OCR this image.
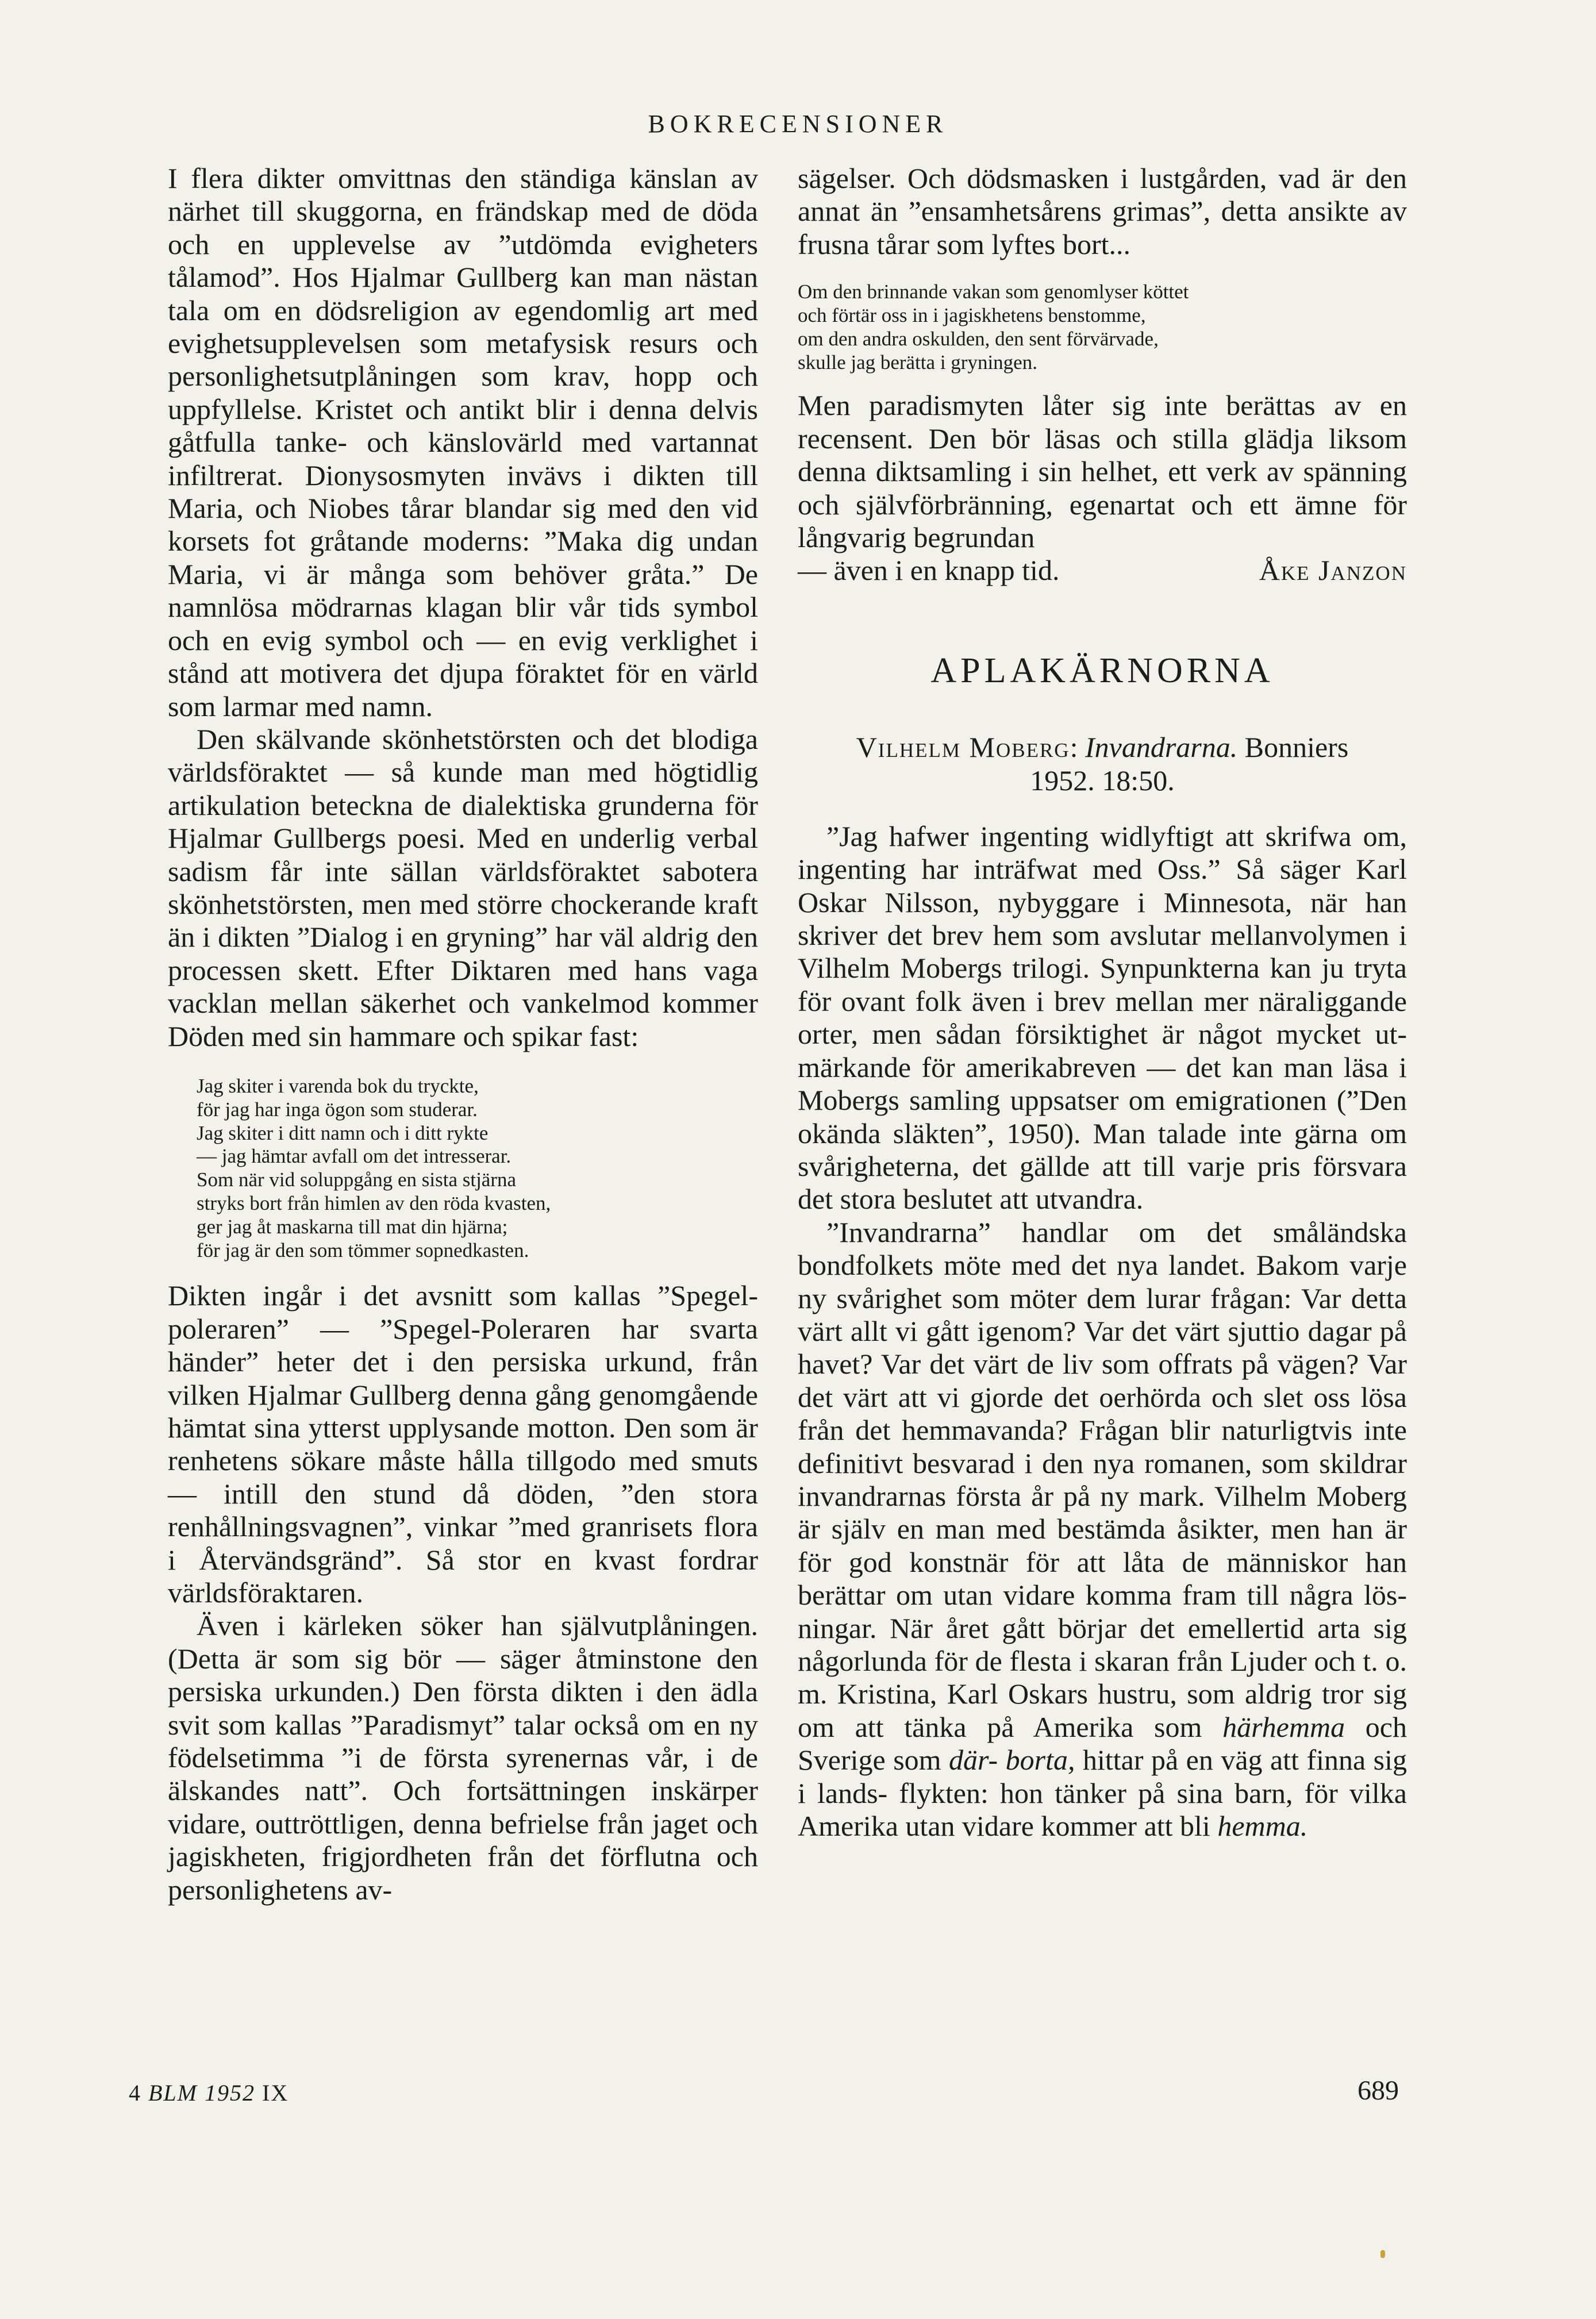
BOKRECENSIONER

I flera dikter omvittnas den ständiga känslan av närhet till skuggorna, en frändskap med de döda och en upplevelse av ”utdömda evigheters tålamod”. Hos Hjalmar Gullberg kan man nästan tala om en dödsreligion av egendomlig art med evighetsupplevelsen som metafysisk resurs och personlighetsutplåningen som krav, hopp och uppfyllelse. Kristet och antikt blir i denna delvis gåtfulla tanke- och känslovärld med vartannat infiltrerat. Dionysosmyten invävs i dikten till Maria, och Niobes tårar blandar sig med den vid korsets fot gråtande moderns: ”Maka dig undan Maria, vi är många som behöver gråta.” De namnlösa mödrarnas klagan blir vår tids symbol och en evig symbol och — en evig verklighet i stånd att motivera det djupa föraktet för en värld som larmar med namn.

Den skälvande skönhetstörsten och det blodiga världsföraktet — så kunde man med högtidlig artikulation beteckna de dialektiska grunderna för Hjalmar Gullbergs poesi. Med en underlig verbal sadism får inte sällan världsföraktet sabotera skönhetstörsten, men med större chockerande kraft än i dikten ”Dialog i en gryning” har väl aldrig den processen skett. Efter Diktaren med hans vaga vacklan mellan säkerhet och vankelmod kommer Döden med sin hammare och spikar fast:

Jag skiter i varenda bok du tryckte,
för jag har inga ögon som studerar.
Jag skiter i ditt namn och i ditt rykte
— jag hämtar avfall om det intresserar.
Som när vid soluppgång en sista stjärna
stryks bort från himlen av den röda kvasten,
ger jag åt maskarna till mat din hjärna;
för jag är den som tömmer sopnedkasten.

Dikten ingår i det avsnitt som kallas ”Spegelpoleraren” — ”Spegel-Poleraren har svarta händer” heter det i den persiska urkund, från vilken Hjalmar Gullberg denna gång genomgående hämtat sina ytterst upplysande motton. Den som är renhetens sökare måste hålla tillgodo med smuts — intill den stund då döden, ”den stora renhållningsvagnen”, vinkar ”med granrisets flora i Återvändsgränd”. Så stor en kvast fordrar världsföraktaren.

Även i kärleken söker han självutplåningen. (Detta är som sig bör — säger åtminstone den persiska urkunden.) Den första dikten i den ädla svit som kallas ”Paradismyt” talar också om en ny födelsetimma ”i de första syrenernas vår, i de älskandes natt”. Och fortsättningen inskärper vidare, outtröttligen, denna befrielse från jaget och jagiskheten, frigjordheten från det förflutna och personlighetens av-

sägelser. Och dödsmasken i lustgården, vad är den annat än ”ensamhetsårens grimas”, detta ansikte av frusna tårar som lyftes bort...

Om den brinnande vakan som genomlyser köttet
och förtär oss in i jagiskhetens benstomme,
om den andra oskulden, den sent förvärvade,
skulle jag berätta i gryningen.

Men paradismyten låter sig inte berättas av en recensent. Den bör läsas och stilla glädja liksom denna diktsamling i sin helhet, ett verk av spänning och självförbränning, egenartat och ett ämne för långvarig begrundan
— även i en knapp tid.	Åke Janzon

APLAKÄRNORNA
Vilhelm Moberg: Invandrarna. Bonniers
1952. 18:50.

”Jag hafwer ingenting widlyftigt att skrifwa om, ingenting har inträfwat med Oss.” Så säger Karl Oskar Nilsson, nybyggare i Minnesota, när han skriver det brev hem som avslutar mellanvolymen i Vilhelm Mobergs trilogi. Synpunkterna kan ju tryta för ovant folk även i brev mellan mer näraliggande orter, men sådan försiktighet är något mycket utmärkande för amerikabreven — det kan man läsa i Mobergs samling uppsatser om emigrationen (”Den okända släkten”, 1950). Man talade inte gärna om svårigheterna, det gällde att till varje pris försvara det stora beslutet att utvandra.

”Invandrarna” handlar om det småländska bondfolkets möte med det nya landet. Bakom varje ny svårighet som möter dem lurar frågan: Var detta värt allt vi gått igenom? Var det värt sjuttio dagar på havet? Var det värt de liv som offrats på vägen? Var det värt att vi gjorde det oerhörda och slet oss lösa från det hemmavanda? Frågan blir naturligtvis inte definitivt besvarad i den nya romanen, som skildrar invandrarnas första år på ny mark. Vilhelm Moberg är själv en man med bestämda åsikter, men han är för god konstnär för att låta de människor han berättar om utan vidare komma fram till några lösningar. När året gått börjar det emellertid arta sig någorlunda för de flesta i skaran från Ljuder och t. o. m. Kristina, Karl Oskars hustru, som aldrig tror sig om att tänka på Amerika som härhemma och Sverige som där- borta, hittar på en väg att finna sig i lands- flykten: hon tänker på sina barn, för vilka Amerika utan vidare kommer att bli hemma.

4 BLM 1952 IX	689
